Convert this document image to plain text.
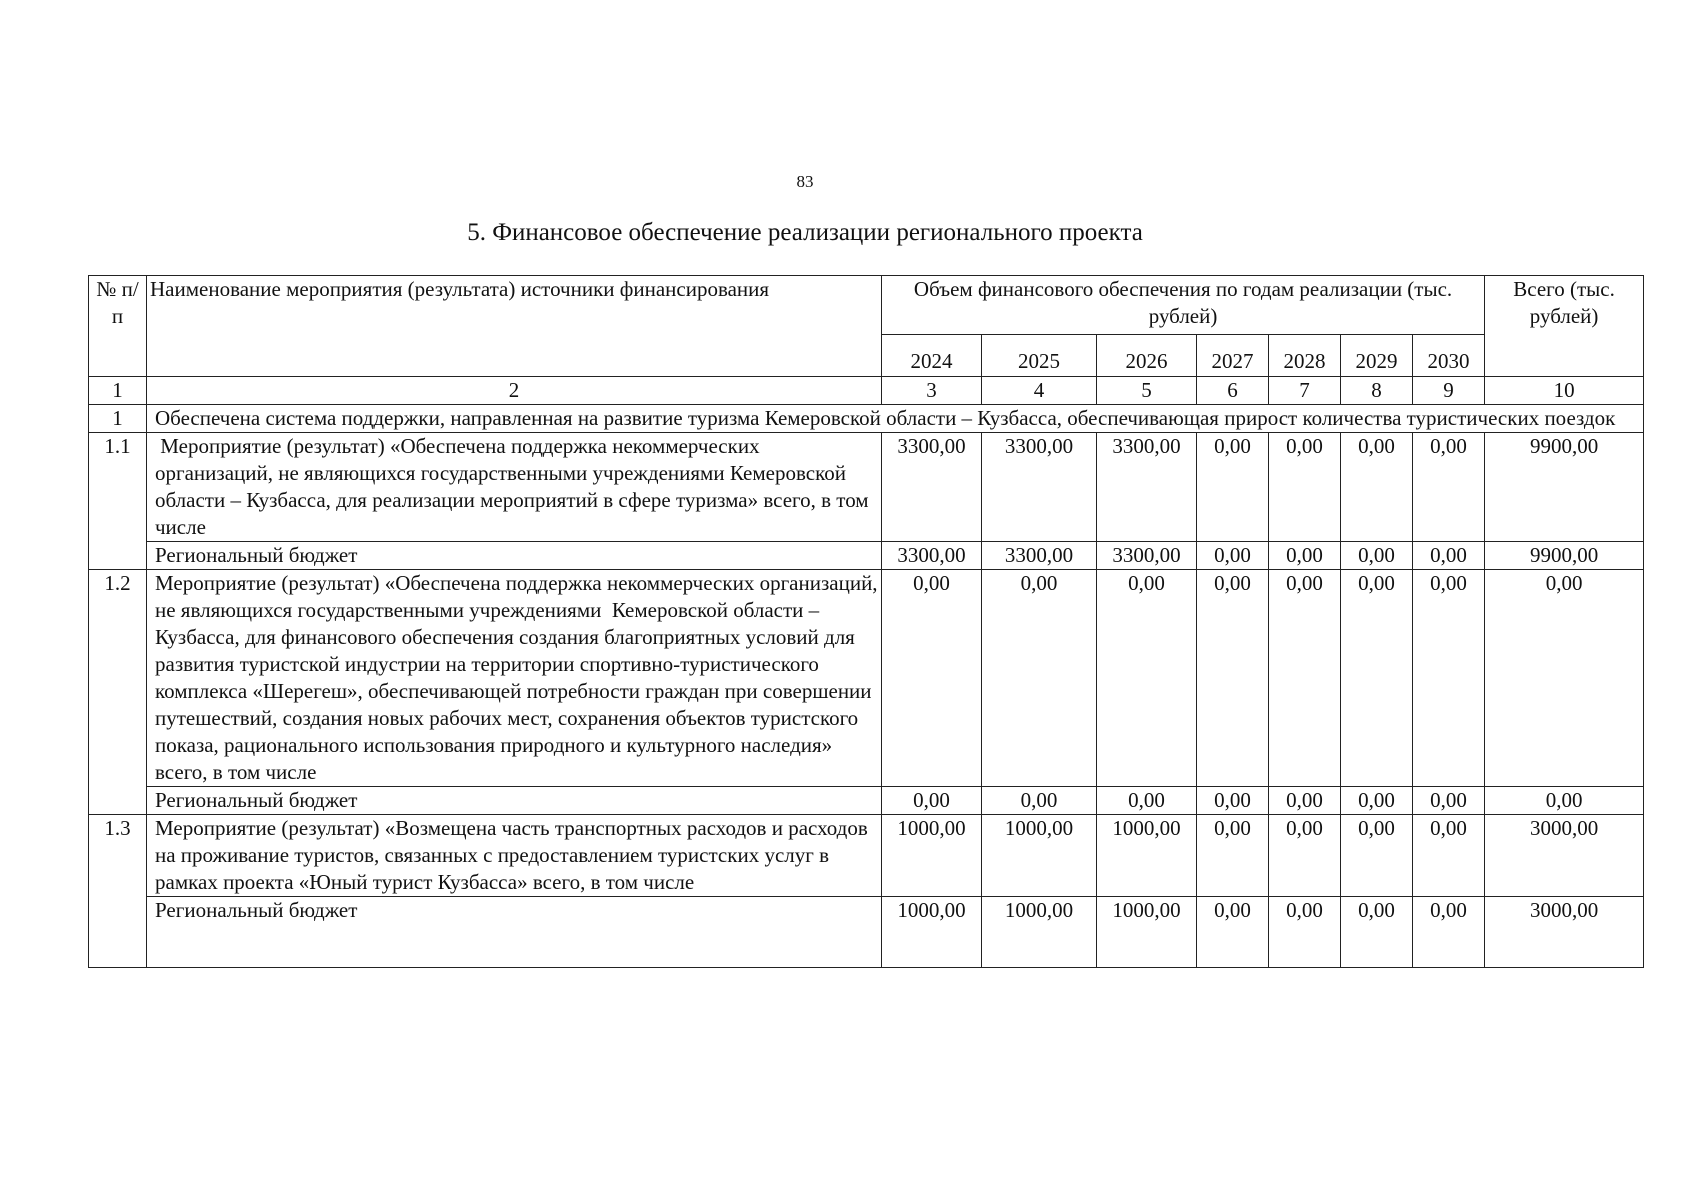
83
5. Финансовое обеспечение реализации регионального проекта
№ п/п	Наименование мероприятия (результата) источники финансирования	Объем финансового обеспечения по годам реализации (тыс. рублей)							Всего (тыс. рублей)
		2024	2025	2026	2027	2028	2029	2030	
1	2	3	4	5	6	7	8	9	10
1	Обеспечена система поддержки, направленная на развитие туризма Кемеровской области – Кузбасса, обеспечивающая прирост количества туристических поездок								
1.1	Мероприятие (результат) «Обеспечена поддержка некоммерческих организаций, не являющихся государственными учреждениями Кемеровской области – Кузбасса, для реализации мероприятий в сфере туризма» всего, в том числе	3300,00	3300,00	3300,00	0,00	0,00	0,00	0,00	9900,00
	Региональный бюджет	3300,00	3300,00	3300,00	0,00	0,00	0,00	0,00	9900,00
1.2	Мероприятие (результат) «Обеспечена поддержка некоммерческих организаций, не являющихся государственными учреждениями  Кемеровской области – Кузбасса, для финансового обеспечения создания благоприятных условий для развития туристской индустрии на территории спортивно-туристического комплекса «Шерегеш», обеспечивающей потребности граждан при совершении путешествий, создания новых рабочих мест, сохранения объектов туристского показа, рационального использования природного и культурного наследия» всего, в том числе	0,00	0,00	0,00	0,00	0,00	0,00	0,00	0,00
	Региональный бюджет	0,00	0,00	0,00	0,00	0,00	0,00	0,00	0,00
1.3	Мероприятие (результат) «Возмещена часть транспортных расходов и расходов на проживание туристов, связанных с предоставлением туристских услуг в рамках проекта «Юный турист Кузбасса» всего, в том числе	1000,00	1000,00	1000,00	0,00	0,00	0,00	0,00	3000,00
	Региональный бюджет	1000,00	1000,00	1000,00	0,00	0,00	0,00	0,00	3000,00
